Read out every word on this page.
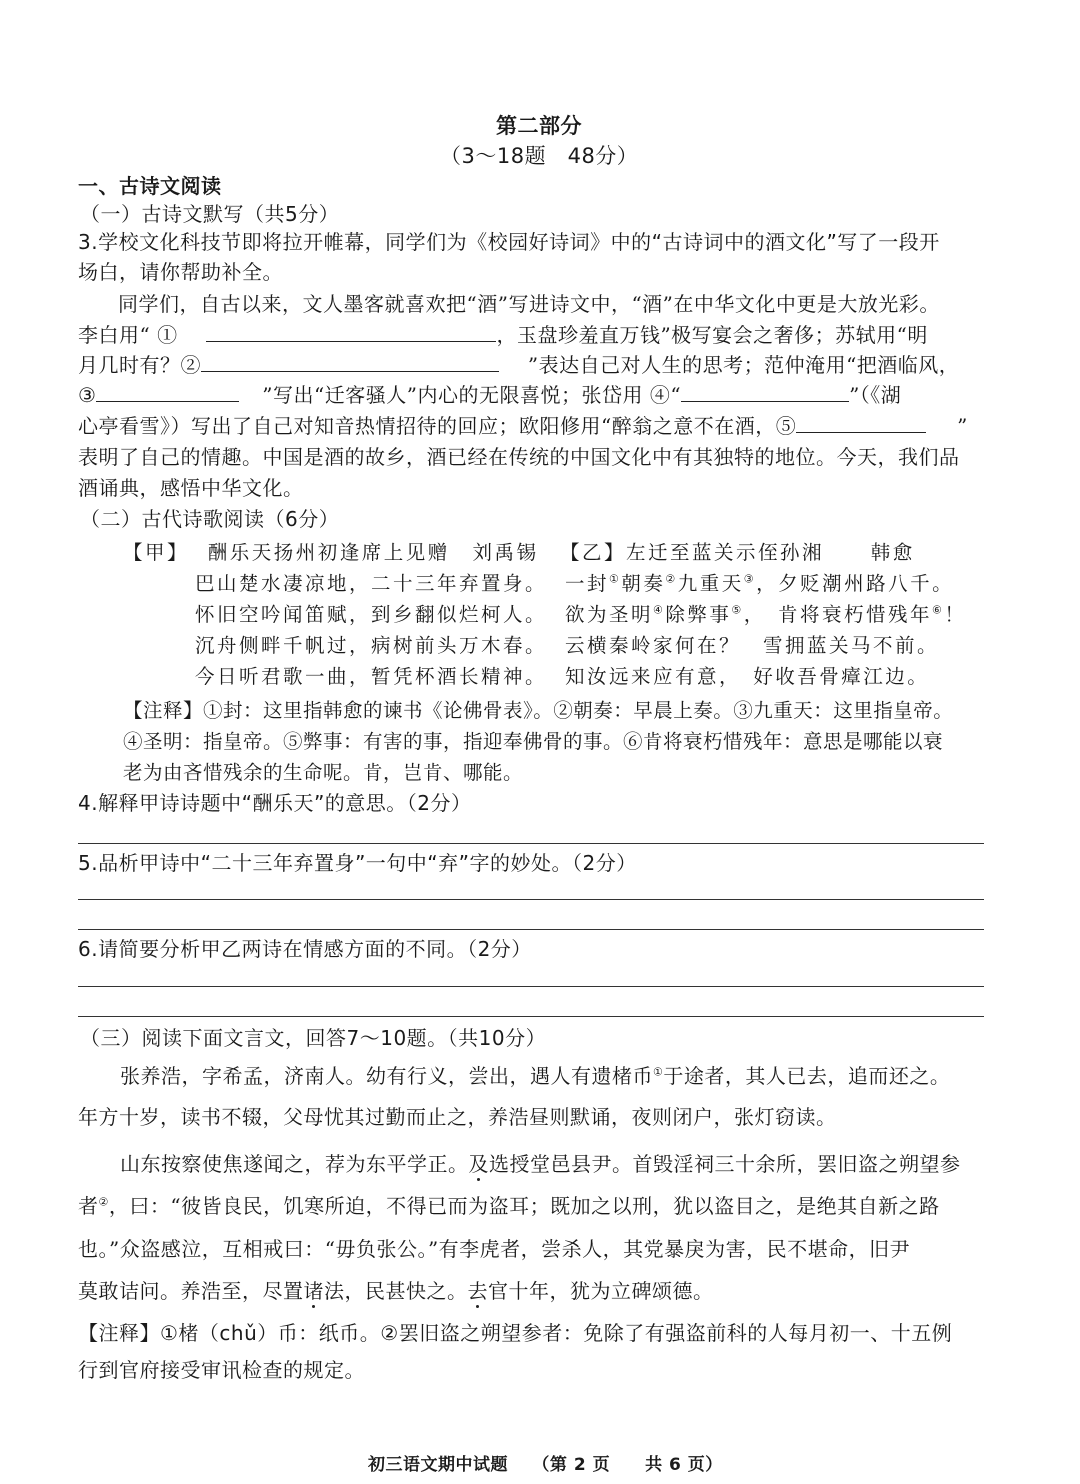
第二部分
（3～18题　48分）
一、古诗文阅读
（一）古诗文默写（共5分）
3.学校文化科技节即将拉开帷幕，同学们为《校园好诗词》中的“古诗词中的酒文化”写了一段开
场白，请你帮助补全。
同学们，自古以来，文人墨客就喜欢把“酒”写进诗文中，“酒”在中华文化中更是大放光彩。
李白用“ ①	，玉盘珍羞直万钱”极写宴会之奢侈；苏轼用“明
月几时有？②	”表达自己对人生的思考；范仲淹用“把酒临风，
③	”写出“迁客骚人”内心的无限喜悦；张岱用 ④“	”（《湖
心亭看雪》）写出了自己对知音热情招待的回应；欧阳修用“醉翁之意不在酒，⑤	”
表明了自己的情趣。中国是酒的故乡，酒已经在传统的中国文化中有其独特的地位。今天，我们品
酒诵典，感悟中华文化。
（二）古代诗歌阅读（6分）
【甲】 酬乐天扬州初逢席上见赠 刘禹锡
巴山楚水凄凉地，二十三年弃置身。
怀旧空吟闻笛赋，到乡翻似烂柯人。
沉舟侧畔千帆过，病树前头万木春。
今日听君歌一曲，暂凭杯酒长精神。
【乙】左迁至蓝关示侄孙湘 韩愈
一封①朝奏②九重天③，夕贬潮州路八千。
欲为圣明④除弊事⑤，　肯将衰朽惜残年⑥！
云横秦岭家何在？　雪拥蓝关马不前。
知汝远来应有意，　好收吾骨瘴江边。
【注释】①封：这里指韩愈的谏书《论佛骨表》。②朝奏：早晨上奏。③九重天：这里指皇帝。
④圣明：指皇帝。⑤弊事：有害的事，指迎奉佛骨的事。⑥肯将衰朽惜残年：意思是哪能以衰
老为由吝惜残余的生命呢。肯，岂肯、哪能。
4.解释甲诗诗题中“酬乐天”的意思。（2分）
5.品析甲诗中“二十三年弃置身”一句中“弃”字的妙处。（2分）
6.请简要分析甲乙两诗在情感方面的不同。（2分）
（三）阅读下面文言文，回答7～10题。（共10分）
张养浩，字希孟，济南人。幼有行义，尝出，遇人有遗楮币①于途者，其人已去，追而还之。
年方十岁，读书不辍，父母忧其过勤而止之，养浩昼则默诵，夜则闭户，张灯窃读。
山东按察使焦遂闻之，荐为东平学正。及选授堂邑县尹。首毁淫祠三十余所，罢旧盗之朔望参
者②，曰：“彼皆良民，饥寒所迫，不得已而为盗耳；既加之以刑，犹以盗目之，是绝其自新之路
也。”众盗感泣，互相戒曰：“毋负张公。”有李虎者，尝杀人，其党暴戾为害，民不堪命，旧尹
莫敢诘问。养浩至，尽置诸法，民甚快之。去官十年，犹为立碑颂德。
【注释】①楮（chǔ）币：纸币。②罢旧盗之朔望参者：免除了有强盗前科的人每月初一、十五例
行到官府接受审讯检查的规定。
初三语文期中试题 （第 2 页　　共 6 页）
